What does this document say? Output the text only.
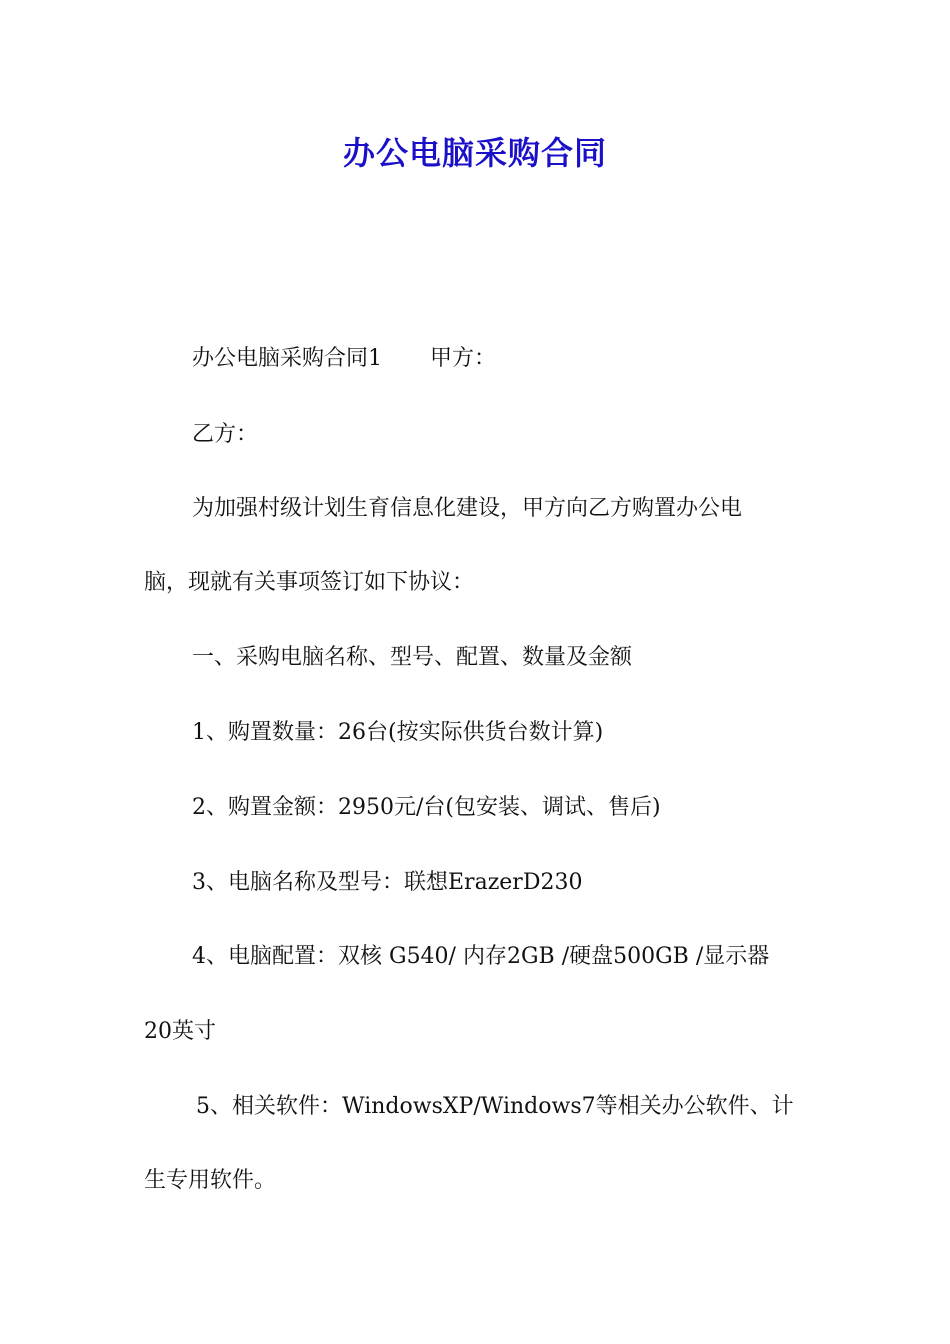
办公电脑采购合同
办公电脑采购合同1 甲方：
乙方：
为加强村级计划生育信息化建设，甲方向乙方购置办公电
脑，现就有关事项签订如下协议：
一、采购电脑名称、型号、配置、数量及金额
1、购置数量：26台(按实际供货台数计算)
2、购置金额：2950元/台(包安装、调试、售后)
3、电脑名称及型号：联想ErazerD230
4、电脑配置：双核 G540/ 内存2GB /硬盘500GB /显示器
20英寸
5、相关软件：WindowsXP/Windows7等相关办公软件、计
生专用软件。
